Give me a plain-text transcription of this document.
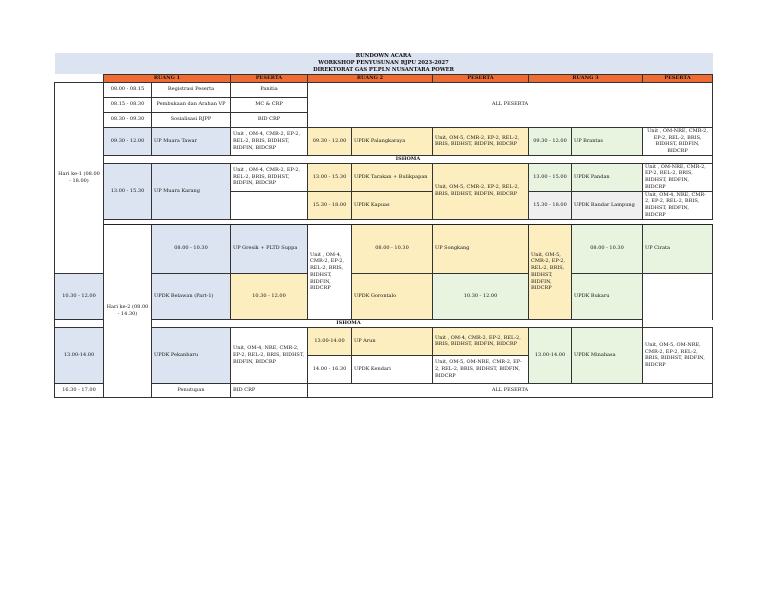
RUNDOWN ACARA										
WORKSHOP PENYUSUNAN RJPU 2023-2027										
DIREKTORAT GAS PT.PLN NUSANTARA POWER										
	RUANG 1		PESERTA	RUANG 2		PESERTA	RUANG 3		PESERTA	
Hari ke-1 (08.00 - 18.00)	08.00 - 08.15	Registrasi Peserta	Panitia	ALL PESERTA						
	08.15 - 08.30	Pembukaan dan Arahan VP	MC & CRP							
	08.30 - 09.30	Sosialisasi RJPP	BID CRP							
	09.30 - 12.00	UP Muara Tawar	Unit , OM-4, CMR-2, EP-2, REL-2, BRIS, BIDHST, BIDFIN, BIDCRP	09.30 - 12.00	UPDK Palangkaraya	Unit, OM-5, CMR-2, EP-2, REL-2, BRIS, BIDHST, BIDFIN, BIDCRP	09.30 - 12.00	UP Brantas	Unit , OM-NRE, CMR-2, EP-2, REL-2, BRIS, BIDHST, BIDFIN, BIDCRP	
	ISHOMA									
	13.00 - 15.30	UP Muara Karang	Unit , OM-4, CMR-2, EP-2, REL-2, BRIS, BIDHST, BIDFIN, BIDCRP	13.00 - 15.30	UPDK Tarakan + Bulikpapan	Unit, OM-5, CMR-2, EP-2, REL-2, BRIS, BIDHST, BIDFIN, BIDCRP	13.00 - 15.00	UPDK Pandan	Unit , OM-NRE, CMR-2, EP-2, REL-2, BRIS, BIDHST, BIDFIN, BIDCRP	
				15.30 - 18.00	UPDK Kapuas		15.30 - 18.00	UPDK Bandar Lampung	Unit, OM-4, NRE, CMR-2, EP-2, REL-2, BRIS, BIDHST, BIDFIN, BIDCRP	

	Hari ke-2 (08.00 - 14.30)	08.00 - 10.30	UP Gresik + PLTD Suppa	Unit , OM-4, CMR-2, EP-2, REL-2, BRIS, BIDHST, BIDFIN, BIDCRP	08.00 - 10.30	UP Songkang	Unit, OM-5, CMR-2, EP-2, REL-2, BRIS, BIDHST, BIDFIN, BIDCRP	08.00 - 10.30	UP Cirata	
10.30 - 12.00		UPDK Belawan (Part-1)	10.30 - 12.00		UPDK Gorontalo	10.30 - 12.00		UPDK Bukaru		
ISHOMA										
13.00-14.00		UPDK Pekanbaru	Unit, OM-4, NRE, CMR-2, EP-2, REL-2, BRIS, BIDHST, BIDFIN, BIDCRP	13.00-14.00	UP Arun	Unit , OM-4, CMR-2, EP-2, REL-2, BRIS, BIDHST, BIDFIN, BIDCRP	13.00-14.00	UPDK Minahasa	Unit, OM-5, OM-NRE, CMR-2, EP-2, REL-2, BRIS, BIDHST, BIDFIN, BIDCRP	
				14.00 - 16.30	UPDK Kendari	Unit, OM-5, OM-NRE, CMR-2, EP-2, REL-2, BRIS, BIDHST, BIDFIN, BIDCRP				
16.30 - 17.00		Penutupan	BID CRP	ALL PESERTA						
